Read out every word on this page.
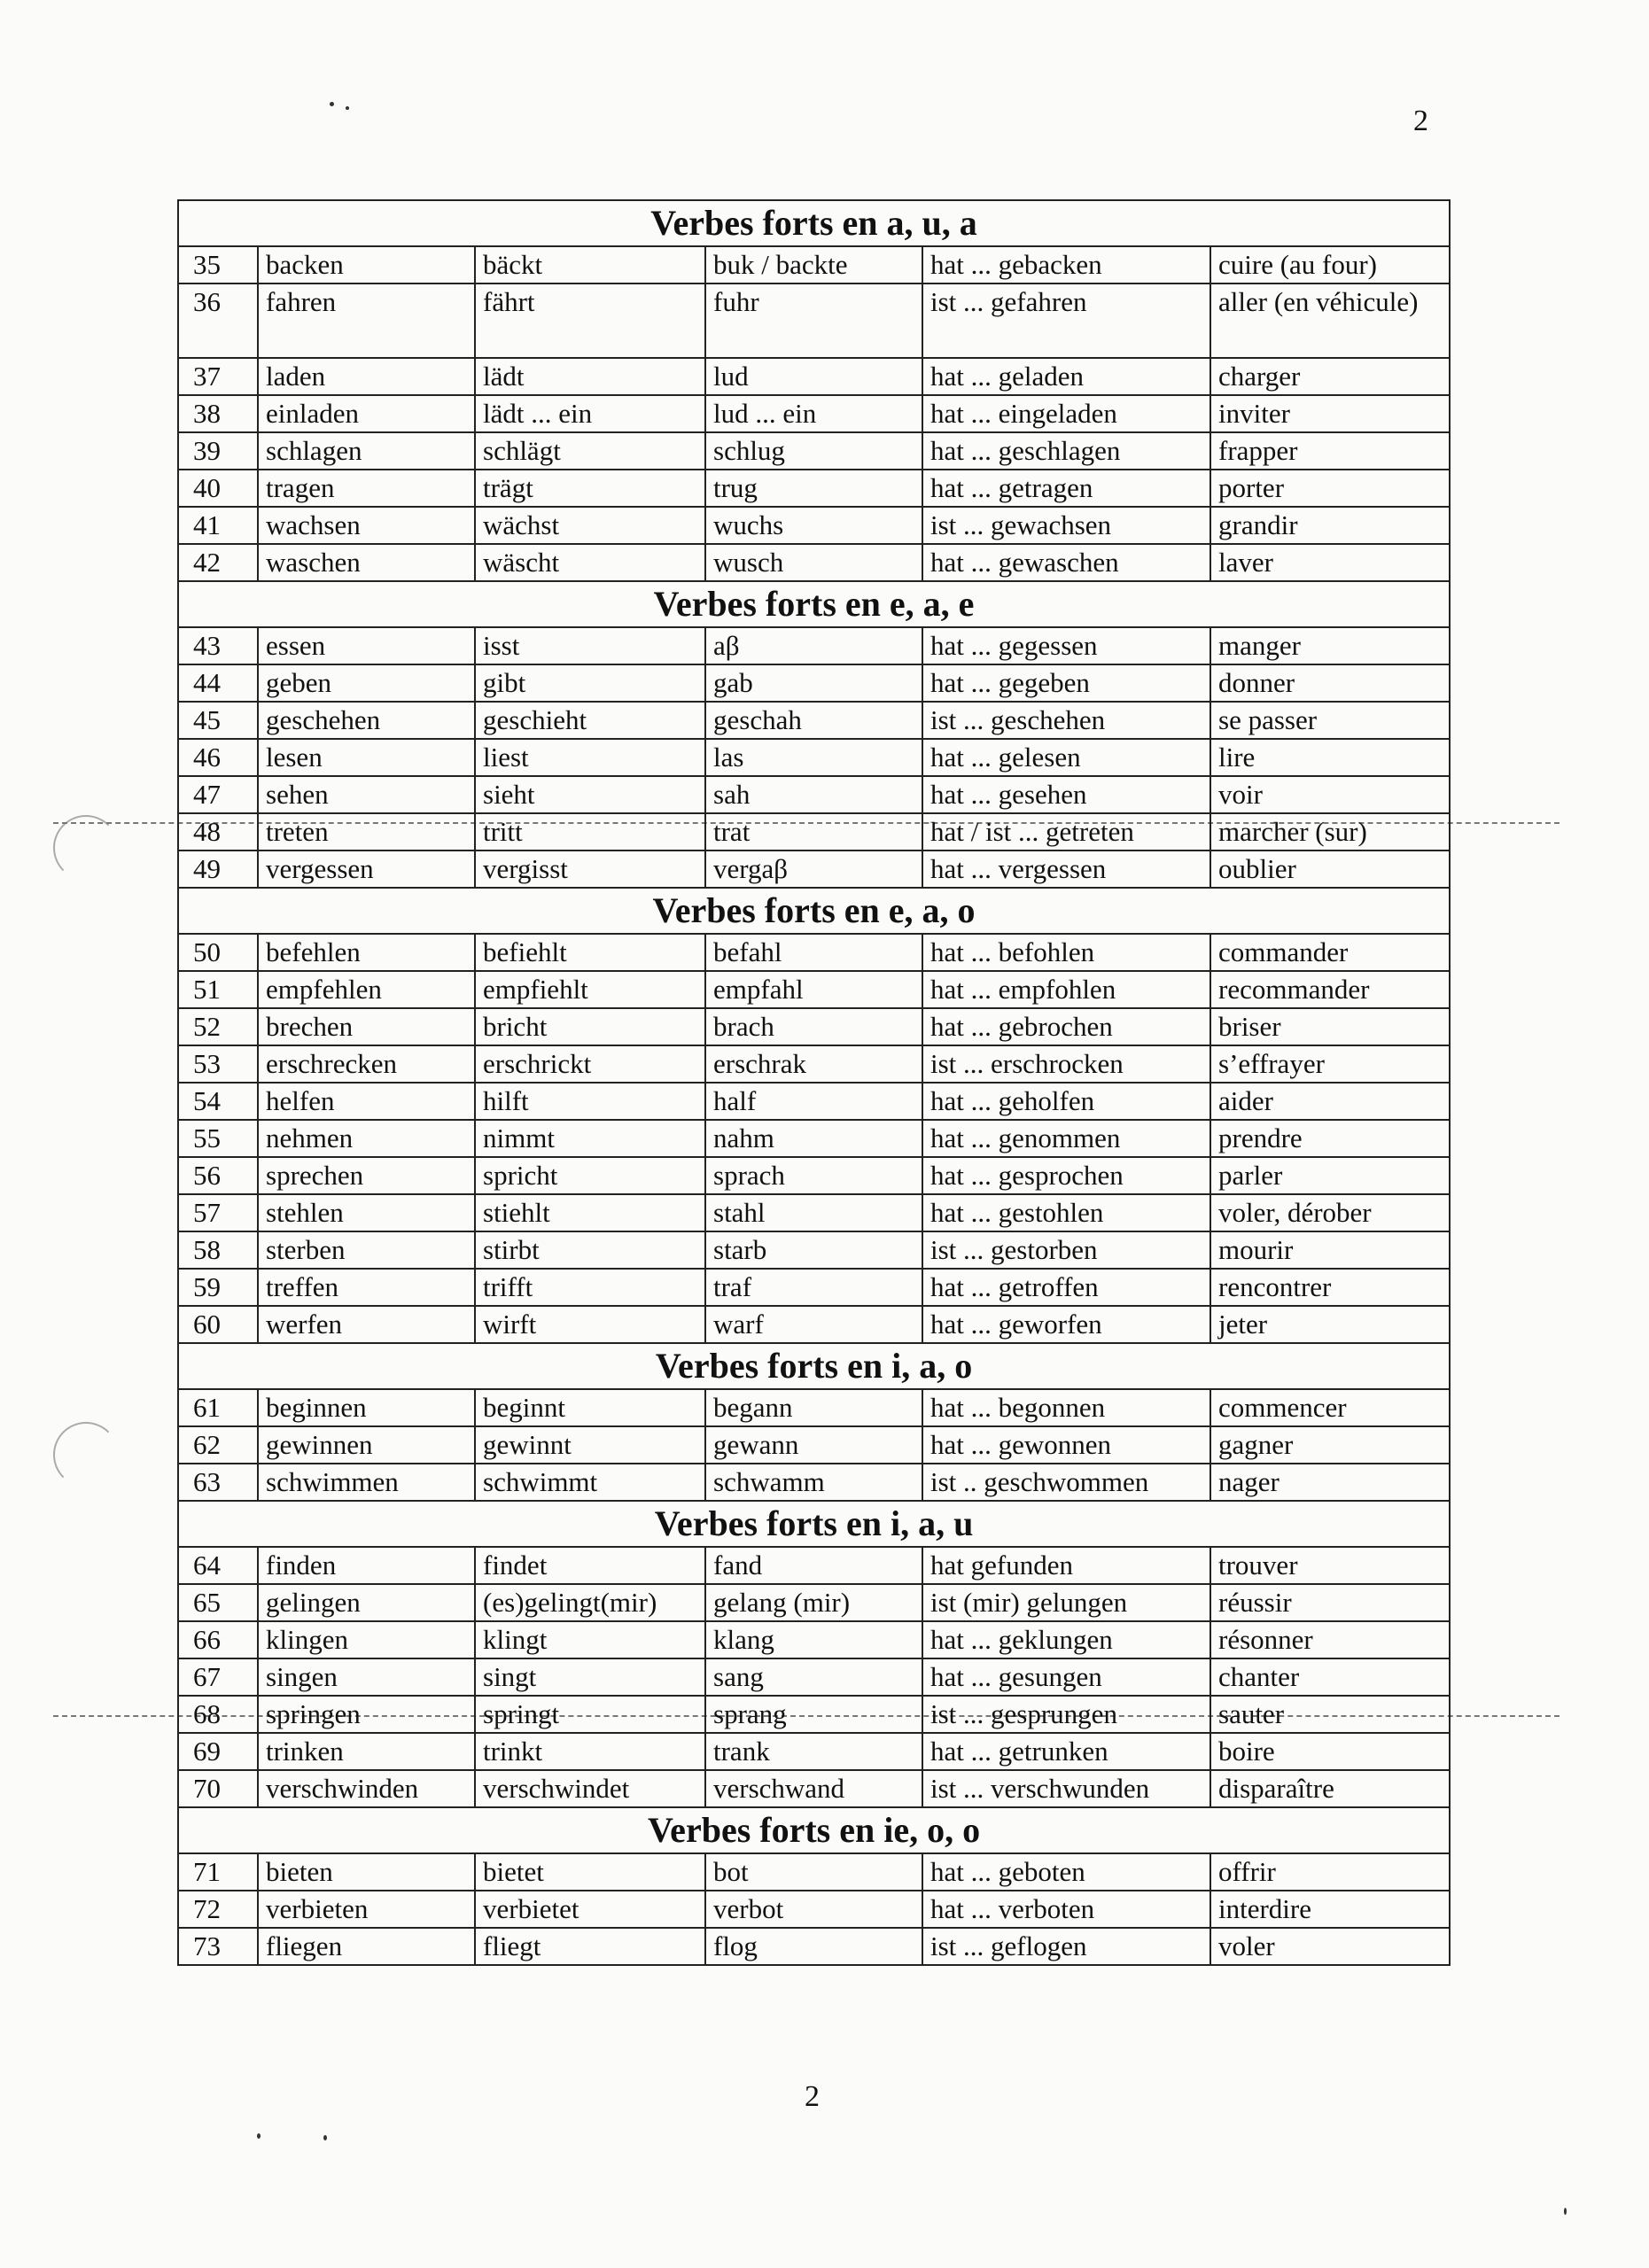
2
Verbes forts en a, u, a					
35	backen	bäckt	buk / backte	hat ... gebacken	cuire (au four)
36	fahren	fährt	fuhr	ist ... gefahren	aller (en véhicule)
37	laden	lädt	lud	hat ... geladen	charger
38	einladen	lädt ... ein	lud ... ein	hat ... eingeladen	inviter
39	schlagen	schlägt	schlug	hat ... geschlagen	frapper
40	tragen	trägt	trug	hat ... getragen	porter
41	wachsen	wächst	wuchs	ist ... gewachsen	grandir
42	waschen	wäscht	wusch	hat ... gewaschen	laver
Verbes forts en e, a, e					
43	essen	isst	aβ	hat ... gegessen	manger
44	geben	gibt	gab	hat ... gegeben	donner
45	geschehen	geschieht	geschah	ist ... geschehen	se passer
46	lesen	liest	las	hat ... gelesen	lire
47	sehen	sieht	sah	hat ... gesehen	voir
48	treten	tritt	trat	hat / ist ... getreten	marcher (sur)
49	vergessen	vergisst	vergaβ	hat ... vergessen	oublier
Verbes forts en e, a, o					
50	befehlen	befiehlt	befahl	hat ... befohlen	commander
51	empfehlen	empfiehlt	empfahl	hat ... empfohlen	recommander
52	brechen	bricht	brach	hat ... gebrochen	briser
53	erschrecken	erschrickt	erschrak	ist ... erschrocken	s’effrayer
54	helfen	hilft	half	hat ... geholfen	aider
55	nehmen	nimmt	nahm	hat ... genommen	prendre
56	sprechen	spricht	sprach	hat ... gesprochen	parler
57	stehlen	stiehlt	stahl	hat ... gestohlen	voler, dérober
58	sterben	stirbt	starb	ist ... gestorben	mourir
59	treffen	trifft	traf	hat ... getroffen	rencontrer
60	werfen	wirft	warf	hat ... geworfen	jeter
Verbes forts en i, a, o					
61	beginnen	beginnt	begann	hat ... begonnen	commencer
62	gewinnen	gewinnt	gewann	hat ... gewonnen	gagner
63	schwimmen	schwimmt	schwamm	ist .. geschwommen	nager
Verbes forts en i, a, u					
64	finden	findet	fand	hat gefunden	trouver
65	gelingen	(es)gelingt(mir)	gelang (mir)	ist (mir) gelungen	réussir
66	klingen	klingt	klang	hat ... geklungen	résonner
67	singen	singt	sang	hat ... gesungen	chanter
68	springen	springt	sprang	ist ... gesprungen	sauter
69	trinken	trinkt	trank	hat ... getrunken	boire
70	verschwinden	verschwindet	verschwand	ist ... verschwunden	disparaître
Verbes forts en ie, o, o					
71	bieten	bietet	bot	hat ... geboten	offrir
72	verbieten	verbietet	verbot	hat ... verboten	interdire
73	fliegen	fliegt	flog	ist ... geflogen	voler
2
